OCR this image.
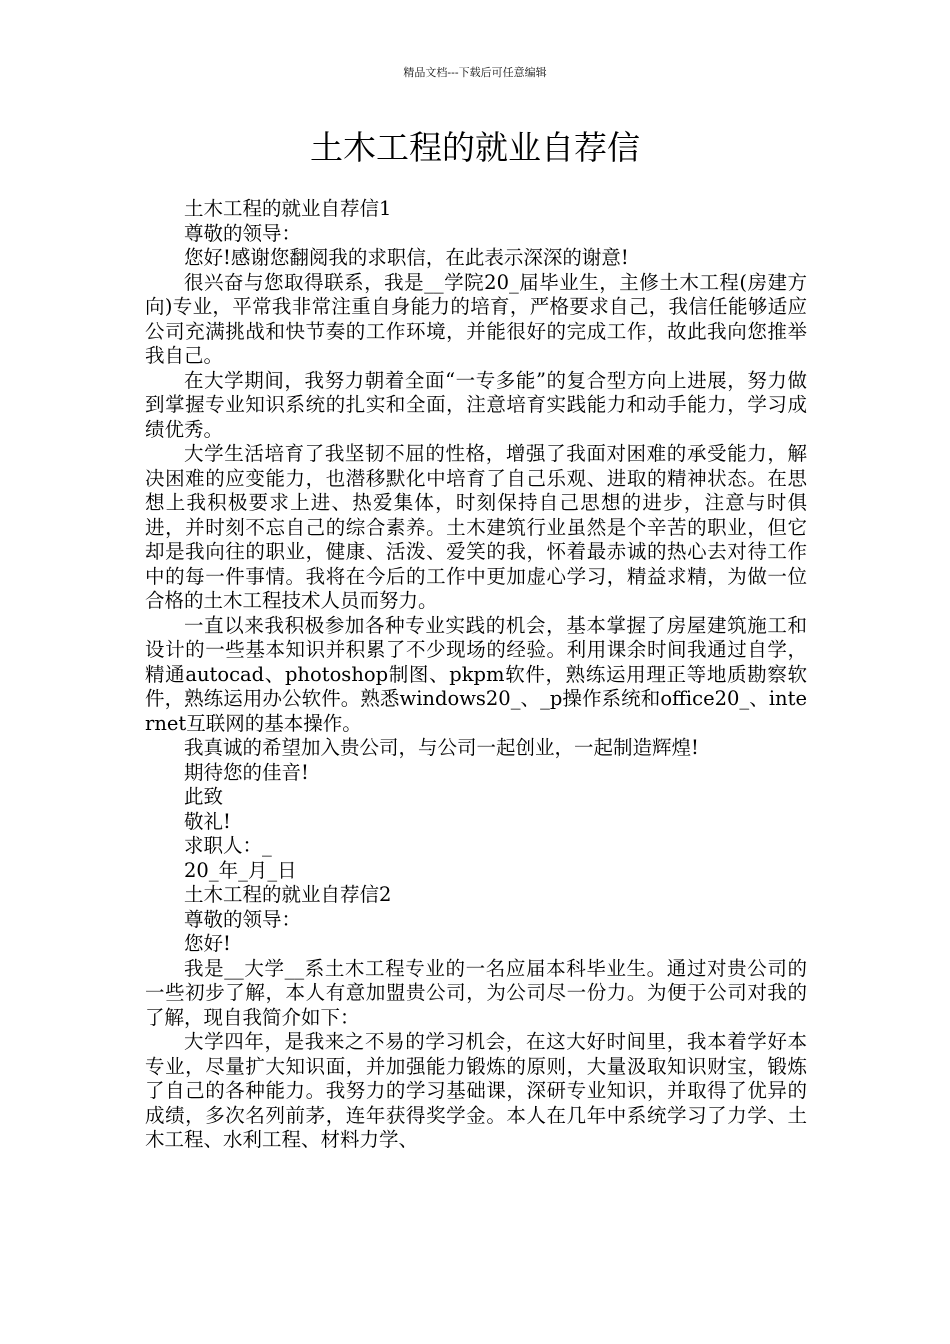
精品文档---下载后可任意编辑
土木工程的就业自荐信

土木工程的就业自荐信1

尊敬的领导：

您好!感谢您翻阅我的求职信，在此表示深深的谢意!

很兴奋与您取得联系，我是__学院20_届毕业生，主修土木工程(房建方向)专业，平常我非常注重自身能力的培育，严格要求自己，我信任能够适应公司充满挑战和快节奏的工作环境，并能很好的完成工作，故此我向您推举我自己。

在大学期间，我努力朝着全面“一专多能”的复合型方向上进展，努力做到掌握专业知识系统的扎实和全面，注意培育实践能力和动手能力，学习成绩优秀。

大学生活培育了我坚韧不屈的性格，增强了我面对困难的承受能力，解决困难的应变能力，也潜移默化中培育了自己乐观、进取的精神状态。在思想上我积极要求上进、热爱集体，时刻保持自己思想的进步，注意与时俱进，并时刻不忘自己的综合素养。土木建筑行业虽然是个辛苦的职业，但它却是我向往的职业，健康、活泼、爱笑的我，怀着最赤诚的热心去对待工作中的每一件事情。我将在今后的工作中更加虚心学习，精益求精，为做一位合格的土木工程技术人员而努力。

一直以来我积极参加各种专业实践的机会，基本掌握了房屋建筑施工和设计的一些基本知识并积累了不少现场的经验。利用课余时间我通过自学，精通autocad、photoshop制图、pkpm软件，熟练运用理正等地质勘察软件，熟练运用办公软件。熟悉windows20_、_p操作系统和office20_、internet互联网的基本操作。

我真诚的希望加入贵公司，与公司一起创业，一起制造辉煌!

期待您的佳音!

此致

敬礼!

求职人：_

20_年_月_日

土木工程的就业自荐信2

尊敬的领导：

您好!

我是__大学__系土木工程专业的一名应届本科毕业生。通过对贵公司的一些初步了解，本人有意加盟贵公司，为公司尽一份力。为便于公司对我的了解，现自我简介如下：

大学四年，是我来之不易的学习机会，在这大好时间里，我本着学好本专业，尽量扩大知识面，并加强能力锻炼的原则，大量汲取知识财宝，锻炼了自己的各种能力。我努力的学习基础课，深研专业知识，并取得了优异的成绩，多次名列前茅，连年获得奖学金。本人在几年中系统学习了力学、土木工程、水利工程、材料力学、
